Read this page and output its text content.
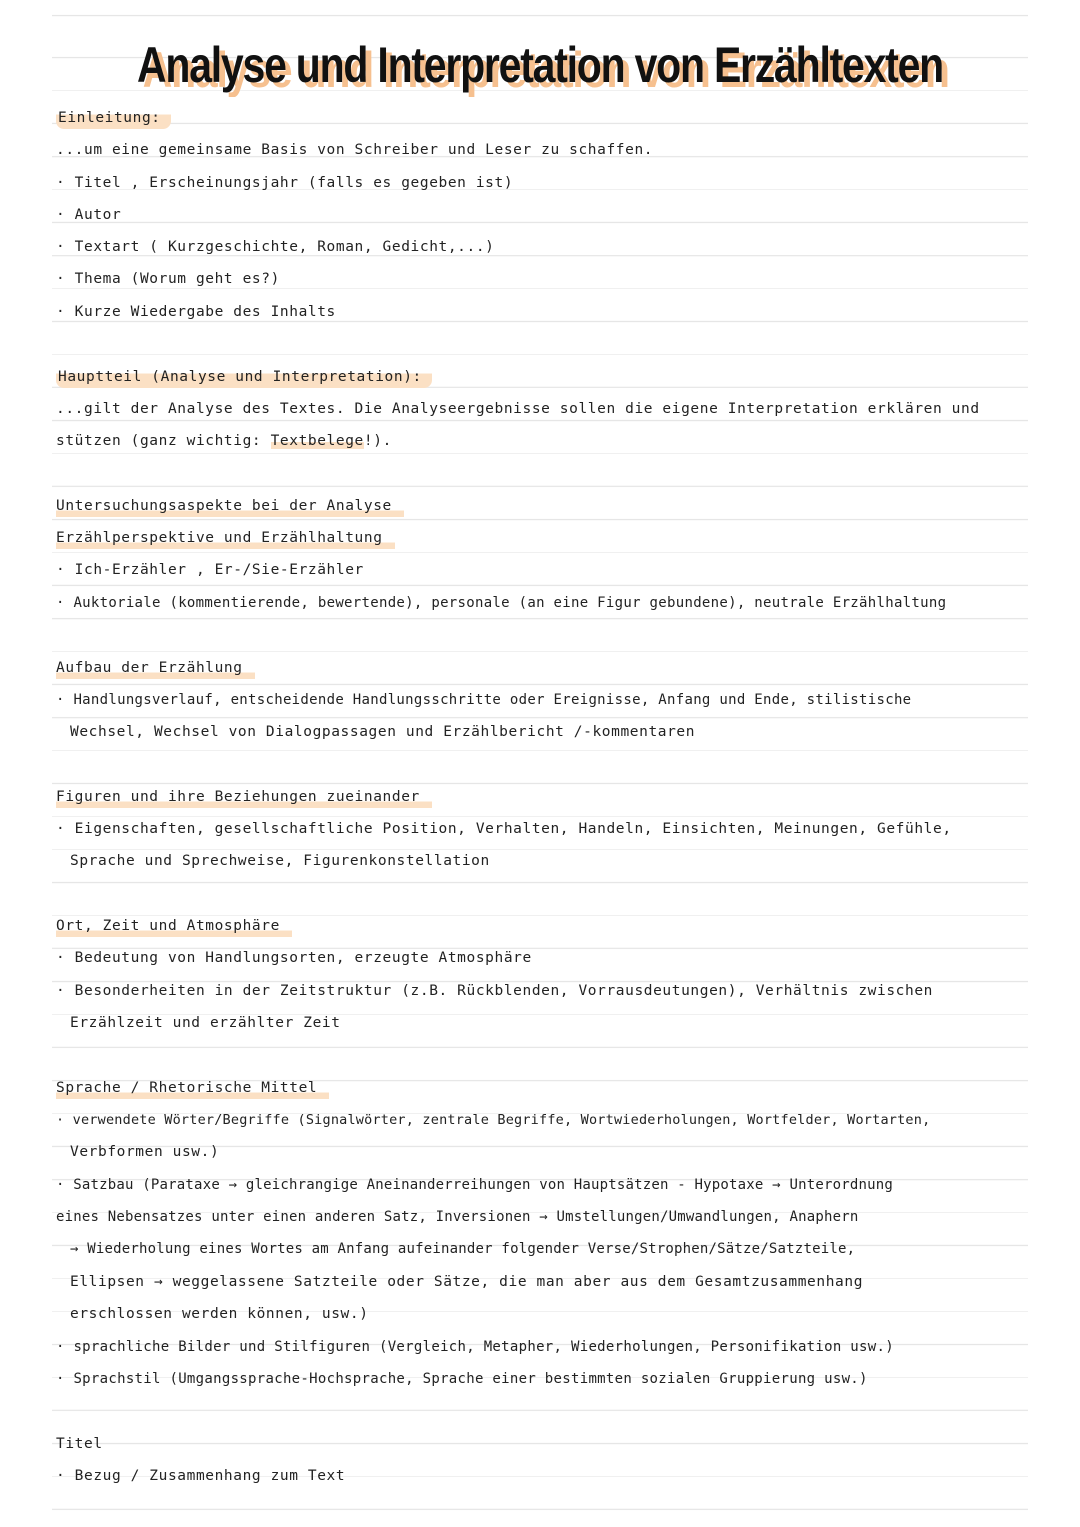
Analyse und Interpretation von Erzähltexten
Einleitung:
...um eine gemeinsame Basis von Schreiber und Leser zu schaffen.
· Titel , Erscheinungsjahr (falls es gegeben ist)
· Autor
· Textart ( Kurzgeschichte, Roman, Gedicht,...)
· Thema (Worum geht es?)
· Kurze Wiedergabe des Inhalts
Hauptteil (Analyse und Interpretation):
...gilt der Analyse des Textes. Die Analyseergebnisse sollen die eigene Interpretation erklären und
stützen (ganz wichtig: Textbelege!).
Untersuchungsaspekte bei der Analyse
Erzählperspektive und Erzählhaltung
· Ich-Erzähler , Er-/Sie-Erzähler
· Auktoriale (kommentierende, bewertende), personale (an eine Figur gebundene), neutrale Erzählhaltung
Aufbau der Erzählung
· Handlungsverlauf, entscheidende Handlungsschritte oder Ereignisse, Anfang und Ende, stilistische
Wechsel, Wechsel von Dialogpassagen und Erzählbericht /-kommentaren
Figuren und ihre Beziehungen zueinander
· Eigenschaften, gesellschaftliche Position, Verhalten, Handeln, Einsichten, Meinungen, Gefühle,
Sprache und Sprechweise, Figurenkonstellation
Ort, Zeit und Atmosphäre
· Bedeutung von Handlungsorten, erzeugte Atmosphäre
· Besonderheiten in der Zeitstruktur (z.B. Rückblenden, Vorrausdeutungen), Verhältnis zwischen
Erzählzeit und erzählter Zeit
Sprache / Rhetorische Mittel
· verwendete Wörter/Begriffe (Signalwörter, zentrale Begriffe, Wortwiederholungen, Wortfelder, Wortarten,
Verbformen usw.)
· Satzbau (Parataxe → gleichrangige Aneinanderreihungen von Hauptsätzen - Hypotaxe → Unterordnung
eines Nebensatzes unter einen anderen Satz, Inversionen → Umstellungen/Umwandlungen, Anaphern
→ Wiederholung eines Wortes am Anfang aufeinander folgender Verse/Strophen/Sätze/Satzteile,
Ellipsen → weggelassene Satzteile oder Sätze, die man aber aus dem Gesamtzusammenhang
erschlossen werden können, usw.)
· sprachliche Bilder und Stilfiguren (Vergleich, Metapher, Wiederholungen, Personifikation usw.)
· Sprachstil (Umgangssprache-Hochsprache, Sprache einer bestimmten sozialen Gruppierung usw.)
Titel
· Bezug / Zusammenhang zum Text
